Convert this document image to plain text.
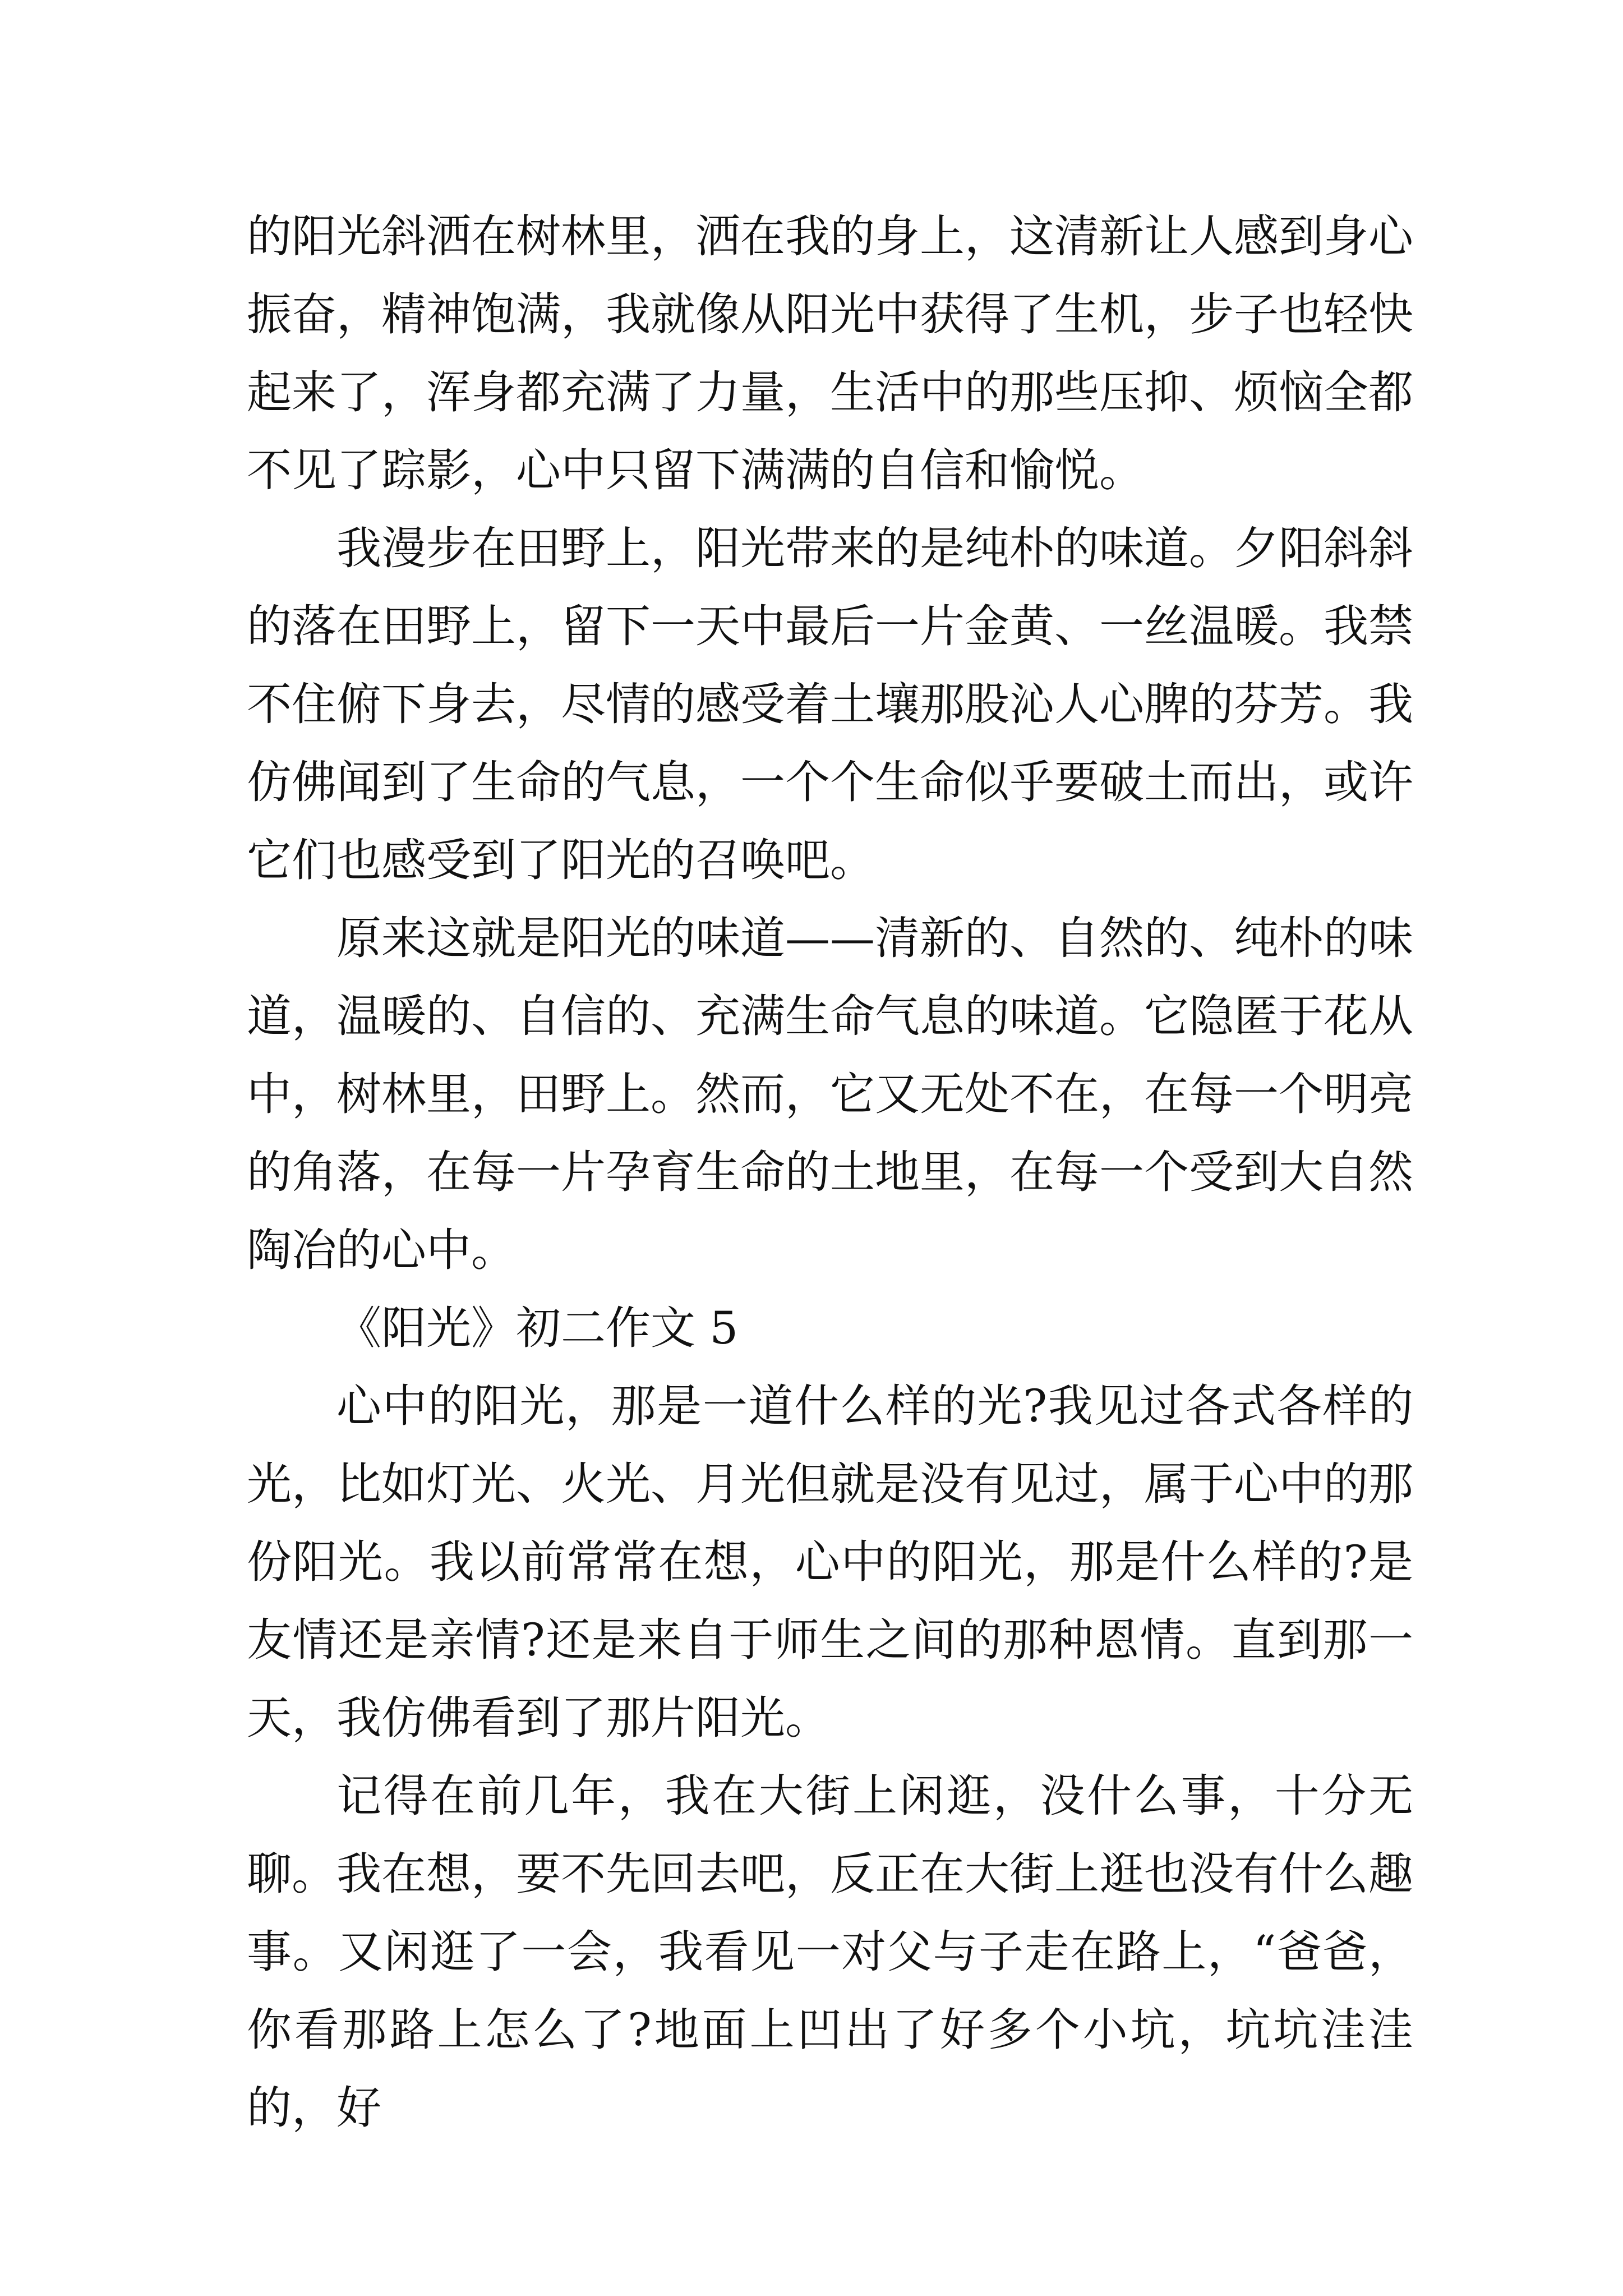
的阳光斜洒在树林里，洒在我的身上，这清新让人感到身心振奋，精神饱满，我就像从阳光中获得了生机，步子也轻快起来了，浑身都充满了力量，生活中的那些压抑、烦恼全都不见了踪影，心中只留下满满的自信和愉悦。

我漫步在田野上，阳光带来的是纯朴的味道。夕阳斜斜的落在田野上，留下一天中最后一片金黄、一丝温暖。我禁不住俯下身去，尽情的感受着土壤那股沁人心脾的芬芳。我仿佛闻到了生命的气息，一个个生命似乎要破土而出，或许它们也感受到了阳光的召唤吧。

原来这就是阳光的味道——清新的、自然的、纯朴的味道，温暖的、自信的、充满生命气息的味道。它隐匿于花从中，树林里，田野上。然而，它又无处不在，在每一个明亮的角落，在每一片孕育生命的土地里，在每一个受到大自然陶冶的心中。

《阳光》初二作文 5

心中的阳光，那是一道什么样的光?我见过各式各样的光，比如灯光、火光、月光但就是没有见过，属于心中的那份阳光。我以前常常在想，心中的阳光，那是什么样的?是友情还是亲情?还是来自于师生之间的那种恩情。直到那一天，我仿佛看到了那片阳光。

记得在前几年，我在大街上闲逛，没什么事，十分无聊。我在想，要不先回去吧，反正在大街上逛也没有什么趣事。又闲逛了一会，我看见一对父与子走在路上，“爸爸，你看那路上怎么了?地面上凹出了好多个小坑，坑坑洼洼的，好
